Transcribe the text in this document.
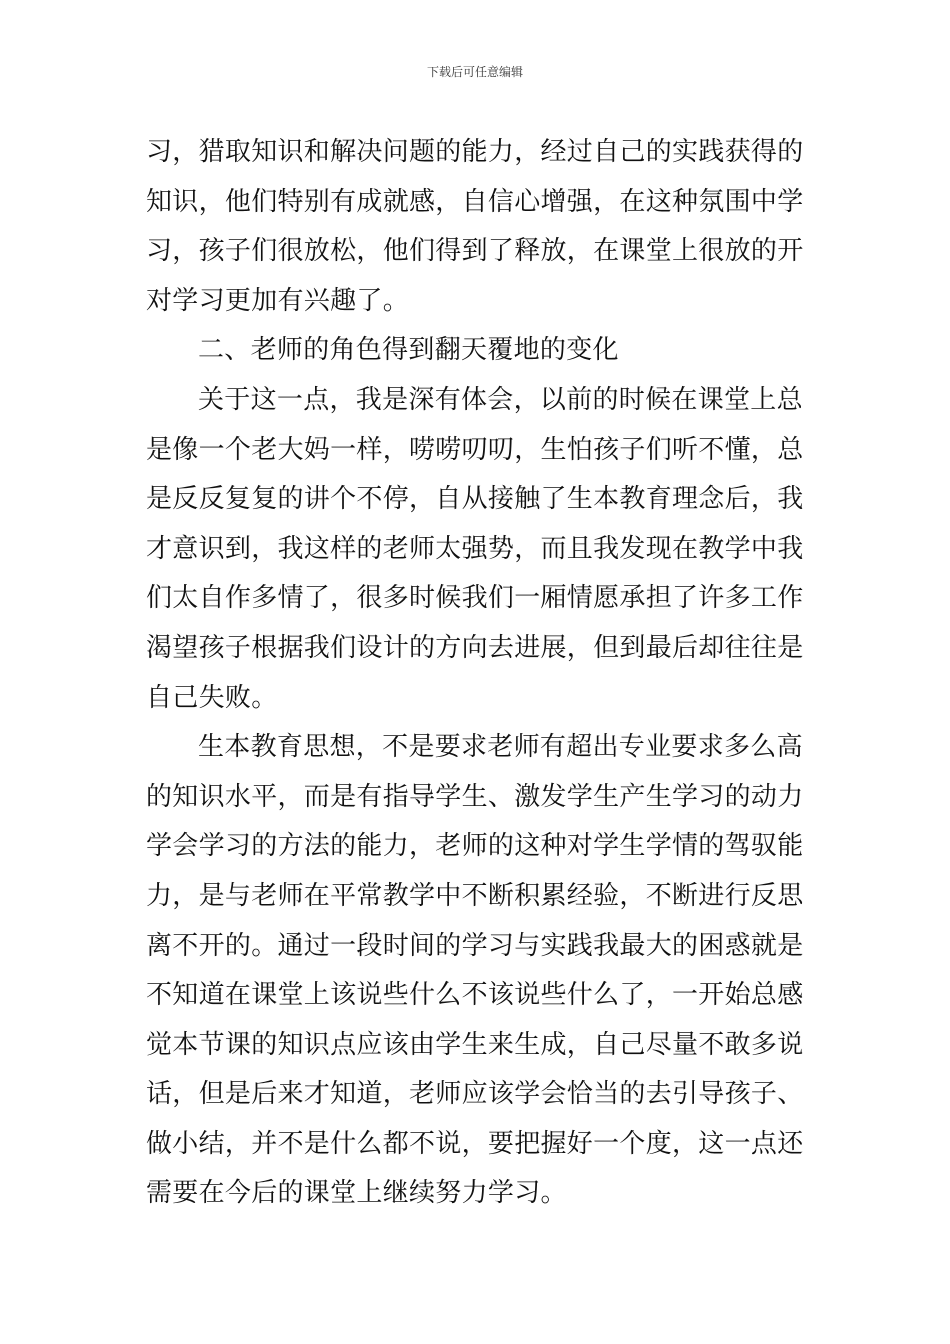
下载后可任意编辑
习，猎取知识和解决问题的能力，经过自己的实践获得的
知识，他们特别有成就感，自信心增强，在这种氛围中学
习，孩子们很放松，他们得到了释放，在课堂上很放的开
对学习更加有兴趣了。
二、老师的角色得到翻天覆地的变化
关于这一点，我是深有体会，以前的时候在课堂上总
是像一个老大妈一样，唠唠叨叨，生怕孩子们听不懂，总
是反反复复的讲个不停，自从接触了生本教育理念后，我
才意识到，我这样的老师太强势，而且我发现在教学中我
们太自作多情了，很多时候我们一厢情愿承担了许多工作
渴望孩子根据我们设计的方向去进展，但到最后却往往是
自己失败。
生本教育思想，不是要求老师有超出专业要求多么高
的知识水平，而是有指导学生、激发学生产生学习的动力
学会学习的方法的能力，老师的这种对学生学情的驾驭能
力，是与老师在平常教学中不断积累经验，不断进行反思
离不开的。通过一段时间的学习与实践我最大的困惑就是
不知道在课堂上该说些什么不该说些什么了，一开始总感
觉本节课的知识点应该由学生来生成，自己尽量不敢多说
话，但是后来才知道，老师应该学会恰当的去引导孩子、
做小结，并不是什么都不说，要把握好一个度，这一点还
需要在今后的课堂上继续努力学习。
